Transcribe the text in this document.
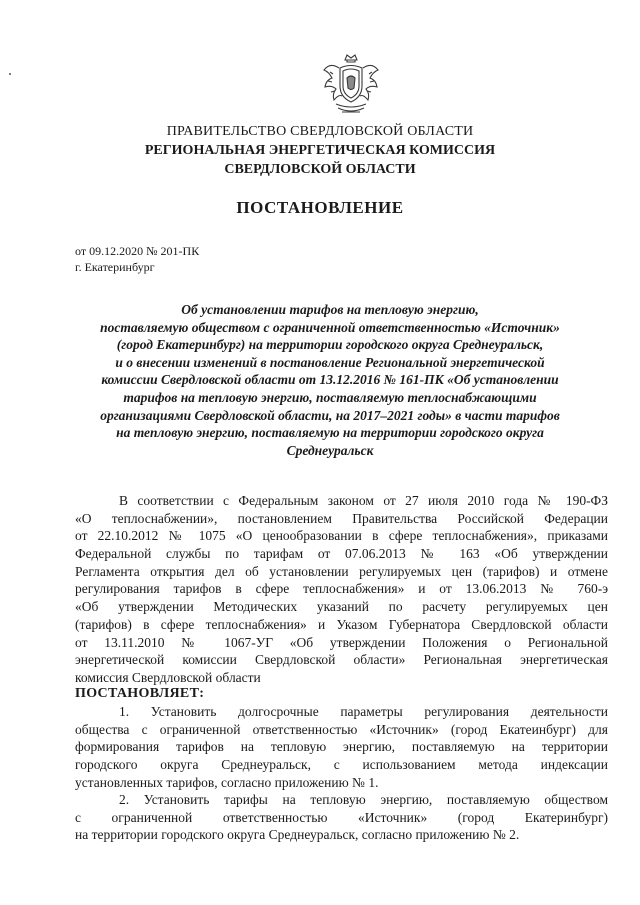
ПРАВИТЕЛЬСТВО СВЕРДЛОВСКОЙ ОБЛАСТИ
РЕГИОНАЛЬНАЯ ЭНЕРГЕТИЧЕСКАЯ КОМИССИЯ
СВЕРДЛОВСКОЙ ОБЛАСТИ
ПОСТАНОВЛЕНИЕ
от 09.12.2020 № 201-ПК
г. Екатеринбург
Об установлении тарифов на тепловую энергию,
поставляемую обществом с ограниченной ответственностью «Источник»
(город Екатеринбург) на территории городского округа Среднеуральск,
и о внесении изменений в постановление Региональной энергетической
комиссии Свердловской области от 13.12.2016 № 161-ПК «Об установлении
тарифов на тепловую энергию, поставляемую теплоснабжающими
организациями Свердловской области, на 2017–2021 годы» в части тарифов
на тепловую энергию, поставляемую на территории городского округа
Среднеуральск
В соответствии с Федеральным законом от 27 июля 2010 года № 190-ФЗ
«О теплоснабжении», постановлением Правительства Российской Федерации
от 22.10.2012 № 1075 «О ценообразовании в сфере теплоснабжения», приказами
Федеральной службы по тарифам от 07.06.2013 № 163 «Об утверждении
Регламента открытия дел об установлении регулируемых цен (тарифов) и отмене
регулирования тарифов в сфере теплоснабжения» и от 13.06.2013 № 760-э
«Об утверждении Методических указаний по расчету регулируемых цен
(тарифов) в сфере теплоснабжения» и Указом Губернатора Свердловской области
от 13.11.2010 № 1067-УГ «Об утверждении Положения о Региональной
энергетической комиссии Свердловской области» Региональная энергетическая
комиссия Свердловской области
ПОСТАНОВЛЯЕТ:
1. Установить долгосрочные параметры регулирования деятельности
общества с ограниченной ответственностью «Источник» (город Екатеинбург) для
формирования тарифов на тепловую энергию, поставляемую на территории
городского округа Среднеуральск, с использованием метода индексации
установленных тарифов, согласно приложению № 1.
2. Установить тарифы на тепловую энергию, поставляемую обществом
с ограниченной ответственностью «Источник» (город Екатеринбург)
на территории городского округа Среднеуральск, согласно приложению № 2.
